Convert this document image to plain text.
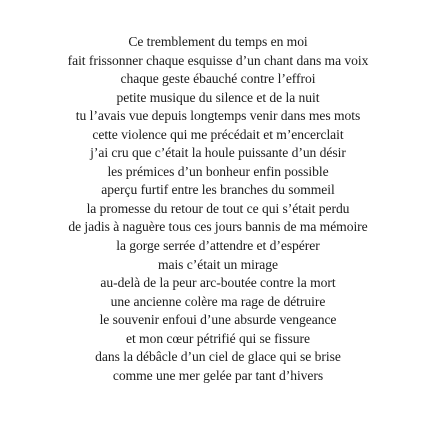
Ce tremblement du temps en moi
fait frissonner chaque esquisse d’un chant dans ma voix
chaque geste ébauché contre l’effroi
petite musique du silence et de la nuit
tu l’avais vue depuis longtemps venir dans mes mots
cette violence qui me précédait et m’encerclait
j’ai cru que c’était la houle puissante d’un désir
les prémices d’un bonheur enfin possible
aperçu furtif entre les branches du sommeil
la promesse du retour de tout ce qui s’était perdu
de jadis à naguère tous ces jours bannis de ma mémoire
la gorge serrée d’attendre et d’espérer
mais c’était un mirage
au-delà de la peur arc-boutée contre la mort
une ancienne colère ma rage de détruire
le souvenir enfoui d’une absurde vengeance
et mon cœur pétrifié qui se fissure
dans la débâcle d’un ciel de glace qui se brise
comme une mer gelée par tant d’hivers
